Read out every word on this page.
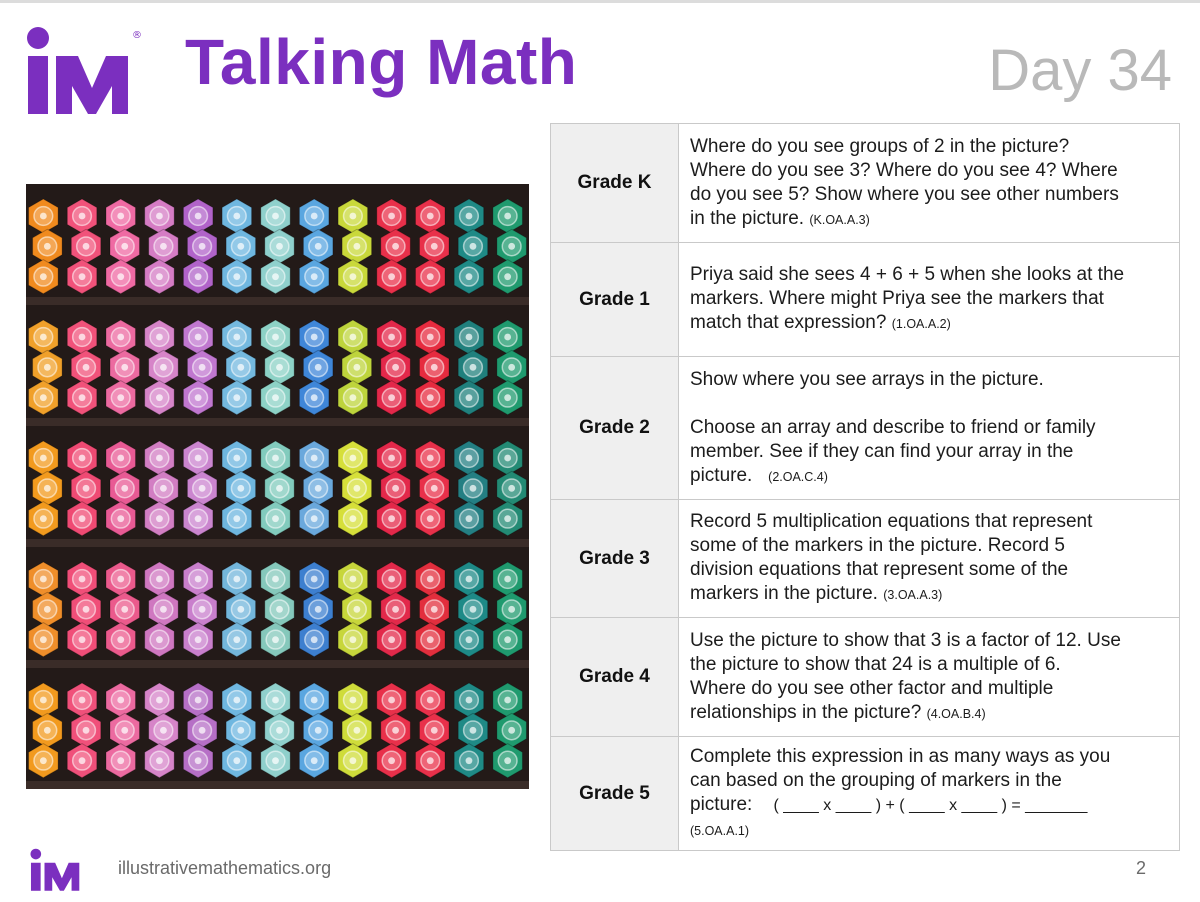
® Talking Math	Day 34
Grade K	Where do you see groups of 2 in the picture?
Where do you see 3? Where do you see 4? Where
do you see 5? Show where you see other numbers
in the picture. (K.OA.A.3)
Grade 1	Priya said she sees 4 + 6 + 5 when she looks at the
markers. Where might Priya see the markers that
match that expression? (1.OA.A.2)
Grade 2	Show where you see arrays in the picture.
Choose an array and describe to friend or family
member. See if they can find your array in the
picture. (2.OA.C.4)
Grade 3	Record 5 multiplication equations that represent
some of the markers in the picture. Record 5
division equations that represent some of the
markers in the picture. (3.OA.A.3)
Grade 4	Use the picture to show that 3 is a factor of 12. Use
the picture to show that 24 is a multiple of 6.
Where do you see other factor and multiple
relationships in the picture? (4.OA.B.4)
Grade 5	Complete this expression in as many ways as you
can based on the grouping of markers in the
picture: ( ____ x ____ ) + ( ____ x ____ ) = _______
(5.OA.A.1)
illustrativemathematics.org	2
